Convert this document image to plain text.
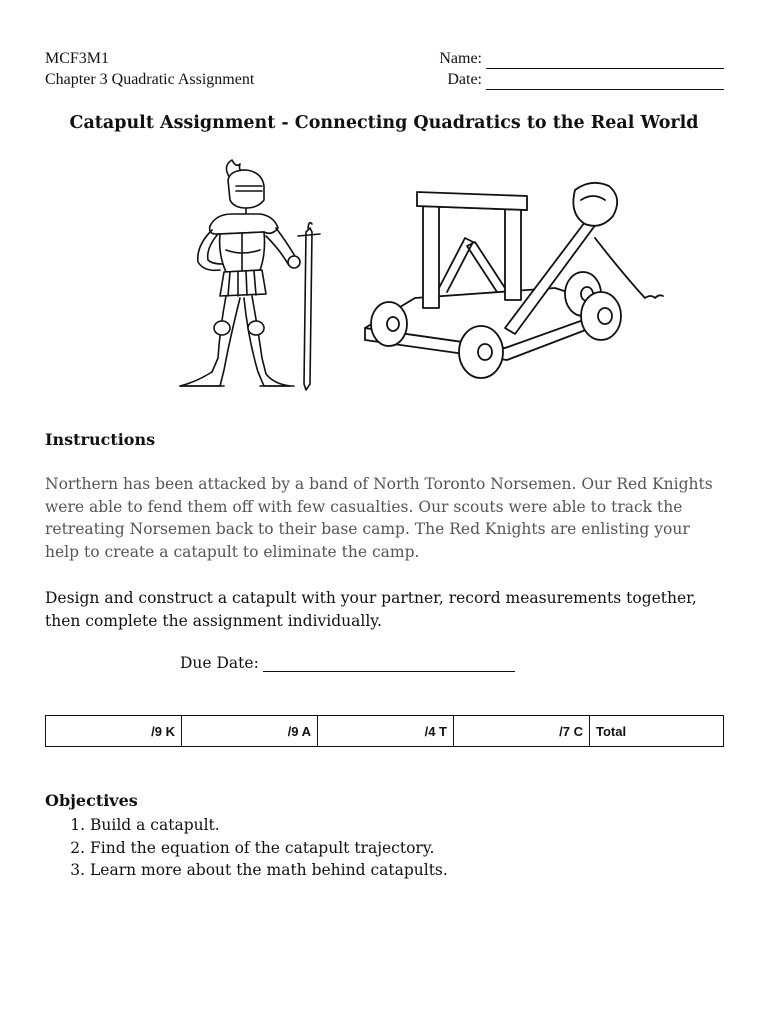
MCF3M1
Chapter 3 Quadratic Assignment
Name:
Date:
Catapult Assignment - Connecting Quadratics to the Real World
Instructions
Northern has been attacked by a band of North Toronto Norsemen. Our Red Knights were able to fend them off with few casualties. Our scouts were able to track the retreating Norsemen back to their base camp. The Red Knights are enlisting your help to create a catapult to eliminate the camp.
Design and construct a catapult with your partner, record measurements together, then complete the assignment individually.
Due Date:
/9 K	/9 A	/4 T	/7 C	Total
Objectives
1. Build a catapult.
2. Find the equation of the catapult trajectory.
3. Learn more about the math behind catapults.
